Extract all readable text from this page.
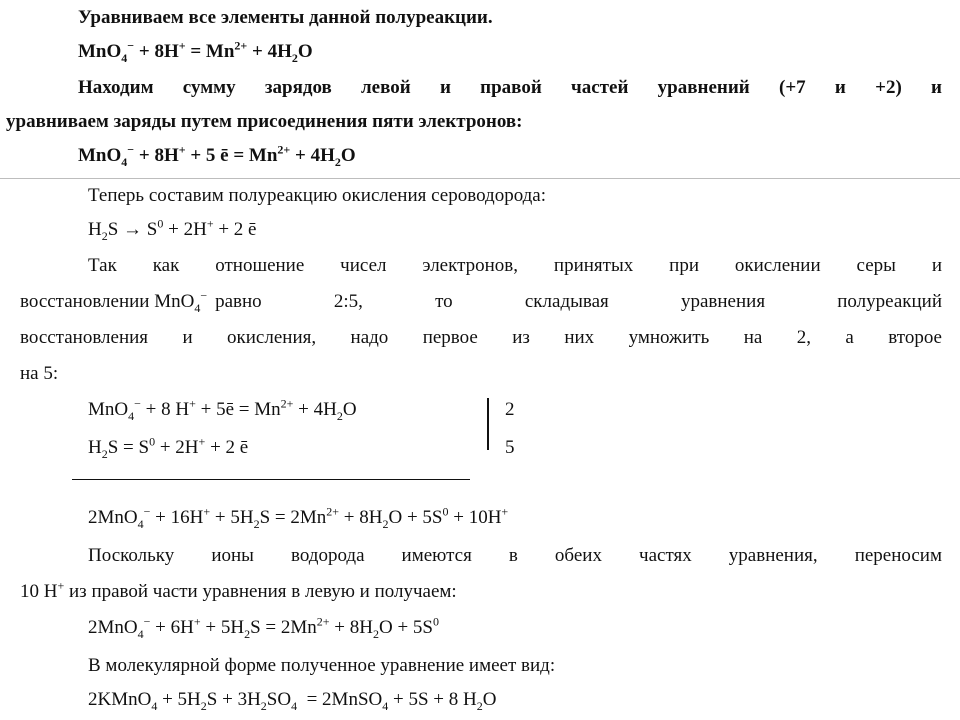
Уравниваем все элементы данной полуреакции.
$MnO_4^- + 8H^+ = Mn^{2+} + 4H_2O$
Находим сумму зарядов левой и правой частей уравнений (+7 и +2) и
уравниваем заряды путем присоединения пяти электронов:
MnO$_4$− + 8H+ + 5 ē = $Mn^{2+} + 4H_2O$
Теперь составим полуреакцию окисления сероводорода:
$H_2S \to S^0 + 2H^+ + 2$ ē
Так как отношение чисел электронов, принятых при окислении серы и
восстановлении MnO$_4$− равно 2:5, то складывая уравнения полуреакций
восстановления и окисления, надо первое из них умножить на 2, а второе
на 5:
MnO$_4$− + 8 H+ + 5ē = $Mn^{2+} + 4H_2O$
$H_2S = S^0 + 2H^+ + 2$ ē
2
5
$2MnO_4^- + 16H^+ + 5H_2S = 2Mn^{2+} + 8H_2O + 5S^0 + 10H^+$
Поскольку ионы водорода имеются в обеих частях уравнения, переносим
10 H+ из правой части уравнения в левую и получаем:
$2MnO_4^- + 6H^+ + 5H_2S = 2Mn^{2+} + 8H_2O + 5S^0$
В молекулярной форме полученное уравнение имеет вид:
2KMnO$_4$ + $5H_2S + 3H_2SO_4$  = 2MnSO$_4$ + 5S + 8 $H_2O$
